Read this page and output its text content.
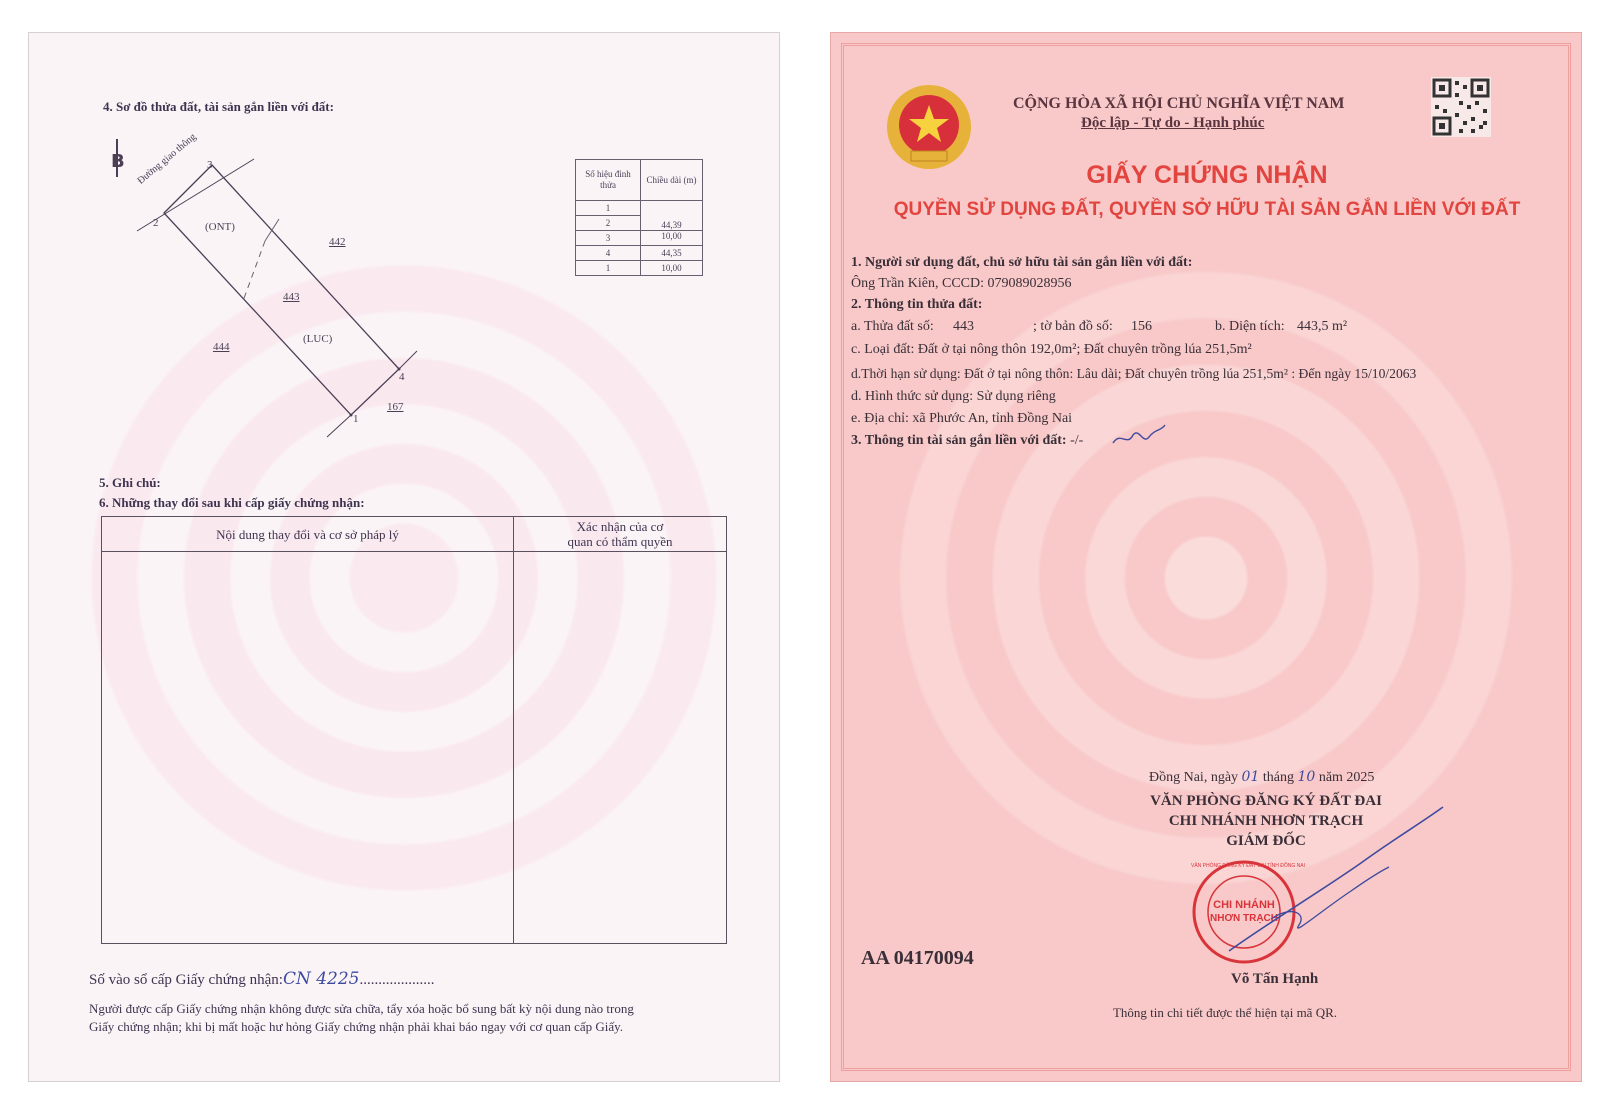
4. Sơ đồ thửa đất, tài sản gắn liền với đất:
B Đường giao thông
2
3
4
1
(ONT)
(LUC)
443
442
444
167
Số hiệu đỉnh thửa	Chiều dài (m)
1	44,39
2	
3	10,00
4	44,35
1	10,00
5. Ghi chú:
6. Những thay đổi sau khi cấp giấy chứng nhận:
Nội dung thay đổi và cơ sở pháp lý	Xác nhận của cơ
quan có thẩm quyền

Số vào sổ cấp Giấy chứng nhận:CN 4225....................
Người được cấp Giấy chứng nhận không được sửa chữa, tẩy xóa hoặc bổ sung bất kỳ nội dung nào trong
Giấy chứng nhận; khi bị mất hoặc hư hỏng Giấy chứng nhận phải khai báo ngay với cơ quan cấp Giấy.
CỘNG HÒA XÃ HỘI CHỦ NGHĨA VIỆT NAM
Độc lập - Tự do - Hạnh phúc
GIẤY CHỨNG NHẬN
QUYỀN SỬ DỤNG ĐẤT, QUYỀN SỞ HỮU TÀI SẢN GẮN LIỀN VỚI ĐẤT
1. Người sử dụng đất, chủ sở hữu tài sản gắn liền với đất:
Ông Trần Kiên, CCCD: 079089028956
2. Thông tin thửa đất:
a. Thửa đất số: 443	; tờ bản đồ số: 156	b. Diện tích: 443,5 m²
c. Loại đất: Đất ở tại nông thôn 192,0m²; Đất chuyên trồng lúa 251,5m²
d.Thời hạn sử dụng: Đất ở tại nông thôn: Lâu dài; Đất chuyên trồng lúa 251,5m² : Đến ngày 15/10/2063
d. Hình thức sử dụng: Sử dụng riêng
e. Địa chỉ: xã Phước An, tỉnh Đồng Nai
3. Thông tin tài sản gắn liền với đất: -/-
Đồng Nai, ngày 01 tháng 10 năm 2025
VĂN PHÒNG ĐĂNG KÝ ĐẤT ĐAI
CHI NHÁNH NHƠN TRẠCH
GIÁM ĐỐC
CHI NHÁNH
NHƠN TRẠCH
VĂN PHÒNG ĐĂNG KÝ ĐẤT ĐAI TỈNH ĐỒNG NAI
AA 04170094
Võ Tấn Hạnh
Thông tin chi tiết được thể hiện tại mã QR.
